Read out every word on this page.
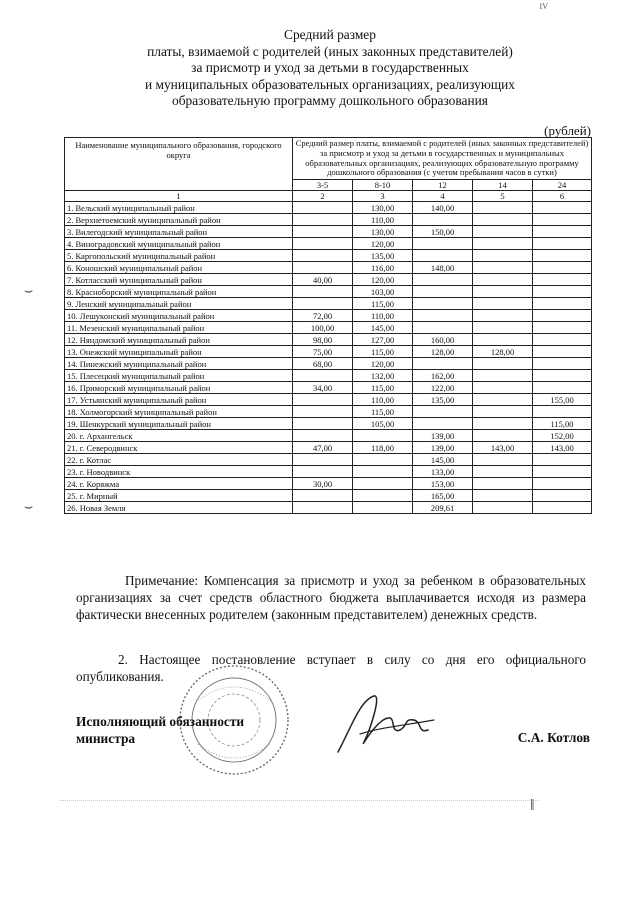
IV
Средний размер
платы, взимаемой с родителей (иных законных представителей)
за присмотр и уход за детьми в государственных
и муниципальных образовательных организациях, реализующих
образовательную программу дошкольного образования
(рублей)
Наименование муниципального образования, городского округа	Средний размер платы, взимаемой с родителей (иных законных представителей) за присмотр и уход за детьми в государственных и муниципальных образовательных организациях, реализующих образовательную программу дошкольного образования (с учетом пребывания часов в сутки)				
	3-5	8-10	12	14	24
1	2	3	4	5	6
1. Вельский муниципальный район		130,00	140,00		
2. Верхнетоемский муниципальный район		110,00			
3. Вилегодский муниципальный район		130,00	150,00		
4. Виноградовский муниципальный район		120,00			
5. Каргопольский муниципальный район		135,00			
6. Коношский муниципальный район		116,00	148,00		
7. Котласский муниципальный район	40,00	120,00			
8. Красноборский муниципальный район		103,00			
9. Ленский муниципальный район		115,00			
10. Лешуконский муниципальный район	72,00	110,00			
11. Мезенский муниципальный район	100,00	145,00			
12. Няндомский муниципальный район	98,00	127,00	160,00		
13. Онежский муниципальный район	75,00	115,00	128,00	128,00	
14. Пинежский муниципальный район	68,00	120,00			
15. Плесецкий муниципальный район		132,00	162,00		
16. Приморский муниципальный район	34,00	115,00	122,00		
17. Устьянский муниципальный район		110,00	135,00		155,00
18. Холмогорский муниципальный район		115,00			
19. Шенкурский муниципальный район		105,00			115,00
20. г. Архангельск			139,00		152,00
21. г. Северодвинск	47,00	118,00	139,00	143,00	143,00
22. г. Котлас			145,00		
23. г. Новодвинск			133,00		
24. г. Коряжма	30,00		153,00		
25. г. Мирный			165,00		
26. Новая Земля			209,61		
⌣
⌣

Примечание: Компенсация за присмотр и уход за ребенком в образовательных организациях за счет средств областного бюджета выплачивается исходя из размера фактически внесенных родителем (законным представителем) денежных средств.

2. Настоящее постановление вступает в силу со дня его официального опубликования.

Исполняющий обязанности
министра	С.А. Котлов
‖
